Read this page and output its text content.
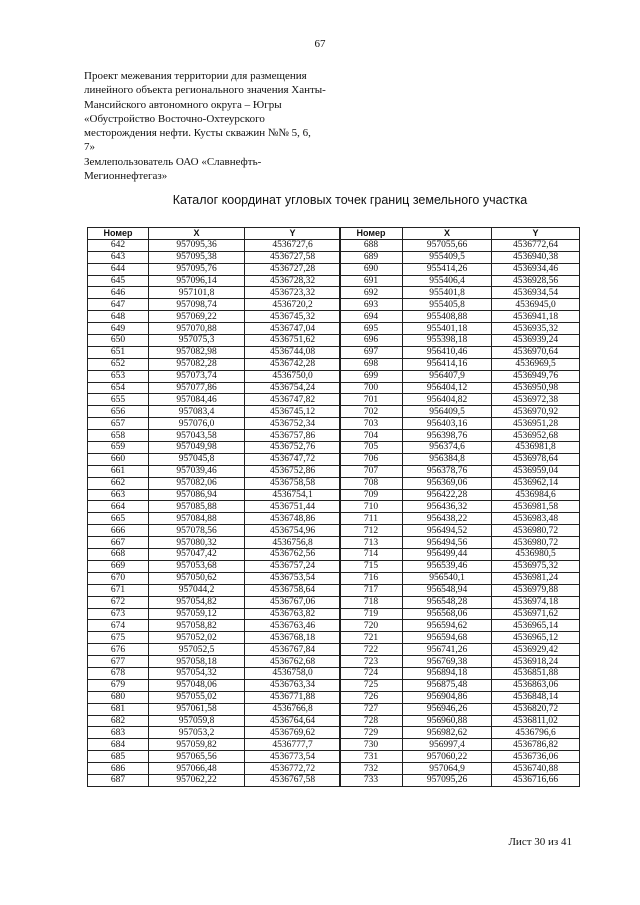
67
Проект межевания территории для размещения
линейного объекта регионального значения Ханты-
Мансийского автономного округа – Югры
«Обустройство Восточно-Охтеурского
месторождения нефти. Кусты скважин №№ 5, 6,
7»
Землепользователь ОАО «Славнефть-
Мегионнефтегаз»
Каталог координат угловых точек границ земельного участка
Номер	X	Y
642	957095,36	4536727,6
643	957095,38	4536727,58
644	957095,76	4536727,28
645	957096,14	4536728,32
646	957101,8	4536723,32
647	957098,74	4536720,2
648	957069,22	4536745,32
649	957070,88	4536747,04
650	957075,3	4536751,62
651	957082,98	4536744,08
652	957082,28	4536742,28
653	957073,74	4536750,0
654	957077,86	4536754,24
655	957084,46	4536747,82
656	957083,4	4536745,12
657	957076,0	4536752,34
658	957043,58	4536757,86
659	957049,98	4536752,76
660	957045,8	4536747,72
661	957039,46	4536752,86
662	957082,06	4536758,58
663	957086,94	4536754,1
664	957085,88	4536751,44
665	957084,88	4536748,86
666	957078,56	4536754,96
667	957080,32	4536756,8
668	957047,42	4536762,56
669	957053,68	4536757,24
670	957050,62	4536753,54
671	957044,2	4536758,64
672	957054,82	4536767,06
673	957059,12	4536763,82
674	957058,82	4536763,46
675	957052,02	4536768,18
676	957052,5	4536767,84
677	957058,18	4536762,68
678	957054,32	4536758,0
679	957048,06	4536763,34
680	957055,02	4536771,88
681	957061,58	4536766,8
682	957059,8	4536764,64
683	957053,2	4536769,62
684	957059,82	4536777,7
685	957065,56	4536773,54
686	957066,48	4536772,72
687	957062,22	4536767,58
Номер	X	Y
688	957055,66	4536772,64
689	955409,5	4536940,38
690	955414,26	4536934,46
691	955406,4	4536928,56
692	955401,8	4536934,54
693	955405,8	4536945,0
694	955408,88	4536941,18
695	955401,18	4536935,32
696	955398,18	4536939,24
697	956410,46	4536970,64
698	956414,16	4536969,5
699	956407,9	4536949,76
700	956404,12	4536950,98
701	956404,82	4536972,38
702	956409,5	4536970,92
703	956403,16	4536951,28
704	956398,76	4536952,68
705	956374,6	4536981,8
706	956384,8	4536978,64
707	956378,76	4536959,04
708	956369,06	4536962,14
709	956422,28	4536984,6
710	956436,32	4536981,58
711	956438,22	4536983,48
712	956494,52	4536980,72
713	956494,56	4536980,72
714	956499,44	4536980,5
715	956539,46	4536975,32
716	956540,1	4536981,24
717	956548,94	4536979,88
718	956548,28	4536974,18
719	956568,06	4536971,62
720	956594,62	4536965,14
721	956594,68	4536965,12
722	956741,26	4536929,42
723	956769,38	4536918,24
724	956894,18	4536851,88
725	956875,48	4536863,06
726	956904,86	4536848,14
727	956946,26	4536820,72
728	956960,88	4536811,02
729	956982,62	4536796,6
730	956997,4	4536786,82
731	957060,22	4536736,06
732	957064,9	4536740,88
733	957095,26	4536716,66
Лист 30 из 41
